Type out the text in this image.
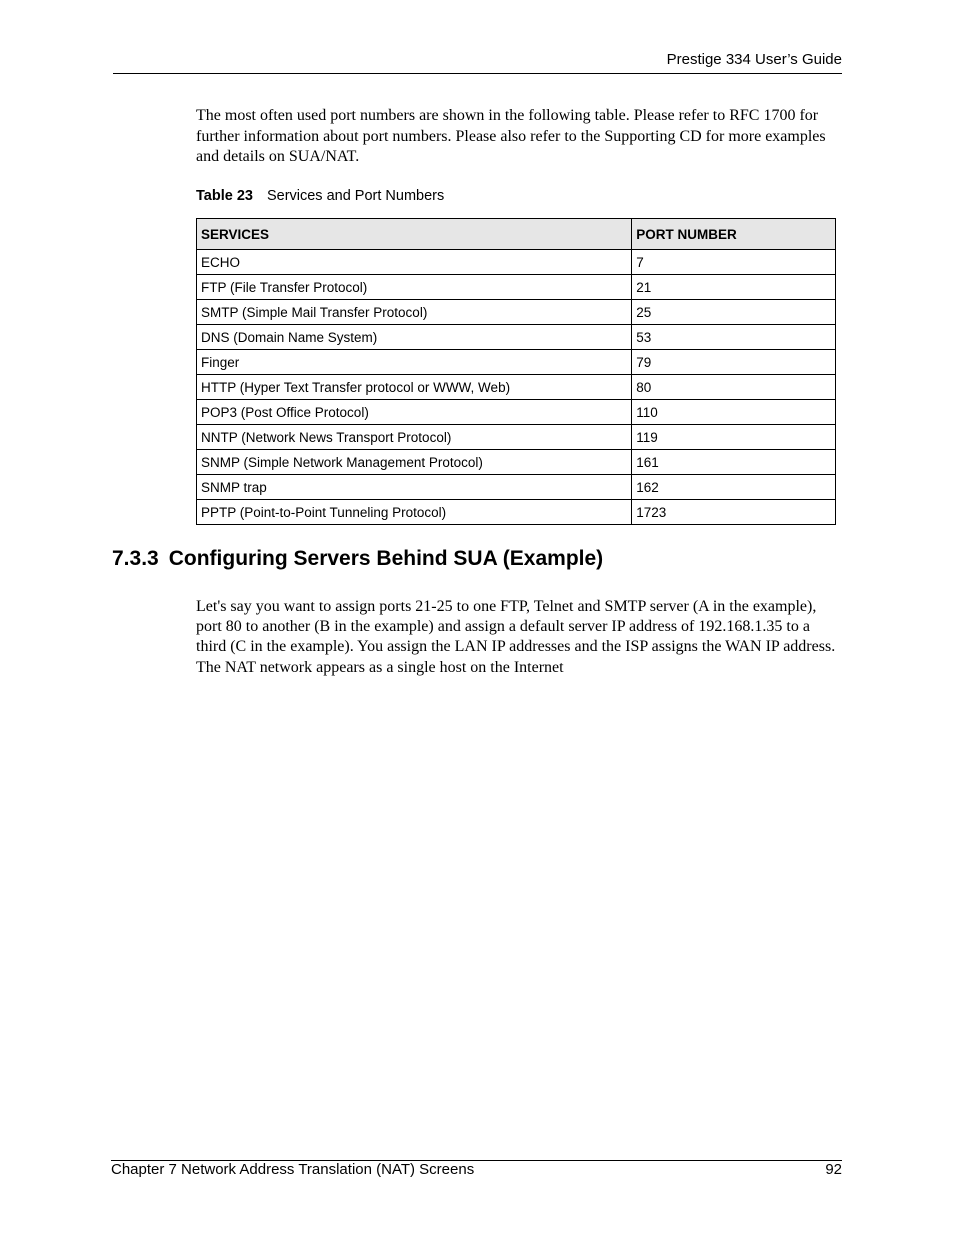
Prestige 334 User’s Guide

The most often used port numbers are shown in the following table. Please refer to RFC 1700 for further information about port numbers. Please also refer to the Supporting CD for more examples and details on SUA/NAT.

Table 23 Services and Port Numbers
SERVICES	PORT NUMBER
ECHO	7
FTP (File Transfer Protocol)	21
SMTP (Simple Mail Transfer Protocol)	25
DNS (Domain Name System)	53
Finger	79
HTTP (Hyper Text Transfer protocol or WWW, Web)	80
POP3 (Post Office Protocol)	110
NNTP (Network News Transport Protocol)	119
SNMP (Simple Network Management Protocol)	161
SNMP trap	162
PPTP (Point-to-Point Tunneling Protocol)	1723
7.3.3 Configuring Servers Behind SUA (Example)

Let's say you want to assign ports 21-25 to one FTP, Telnet and SMTP server (A in the example), port 80 to another (B in the example) and assign a default server IP address of 192.168.1.35 to a third (C in the example). You assign the LAN IP addresses and the ISP assigns the WAN IP address. The NAT network appears as a single host on the Internet

Chapter 7 Network Address Translation (NAT) Screens	92
